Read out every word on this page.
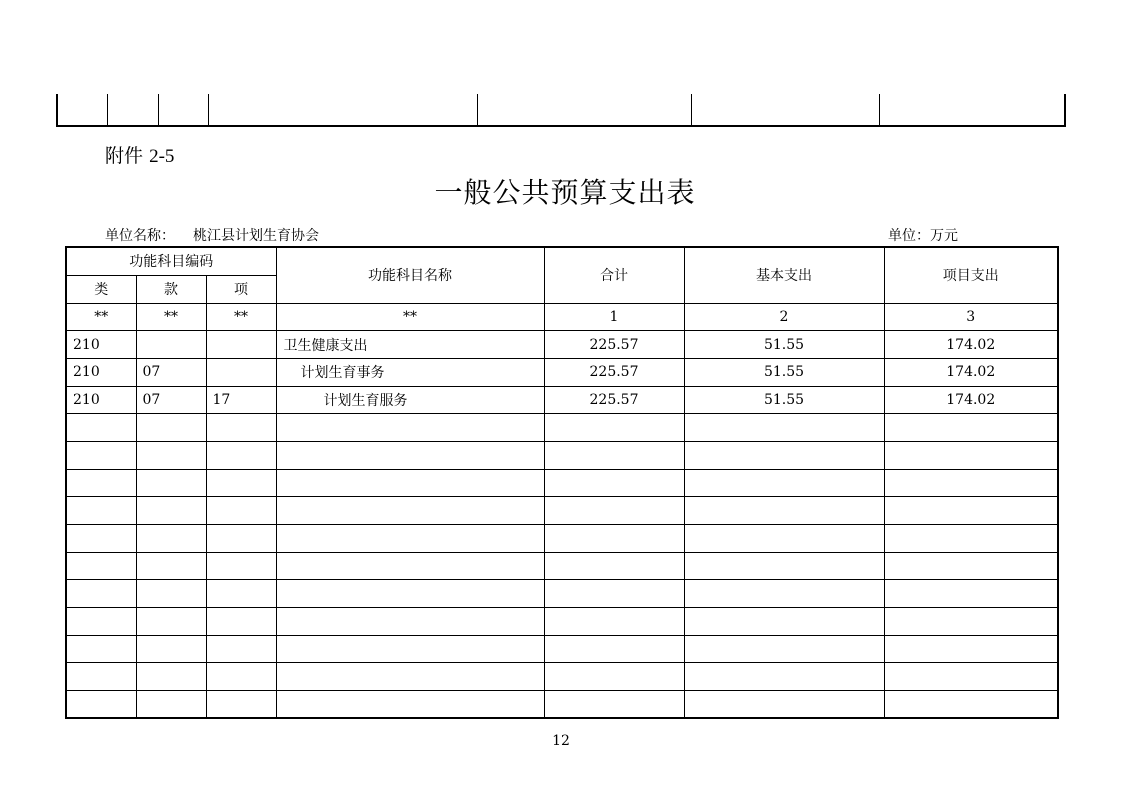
附件 2-5
一般公共预算支出表
单位名称： 桃江县计划生育协会	单位：万元
功能科目编码			功能科目名称	合计	基本支出	项目支出
类	款	项				
**	**	**	**	1	2	3
210			卫生健康支出	225.57	51.55	174.02
210	07		计划生育事务	225.57	51.55	174.02
210	07	17	计划生育服务	225.57	51.55	174.02

12
